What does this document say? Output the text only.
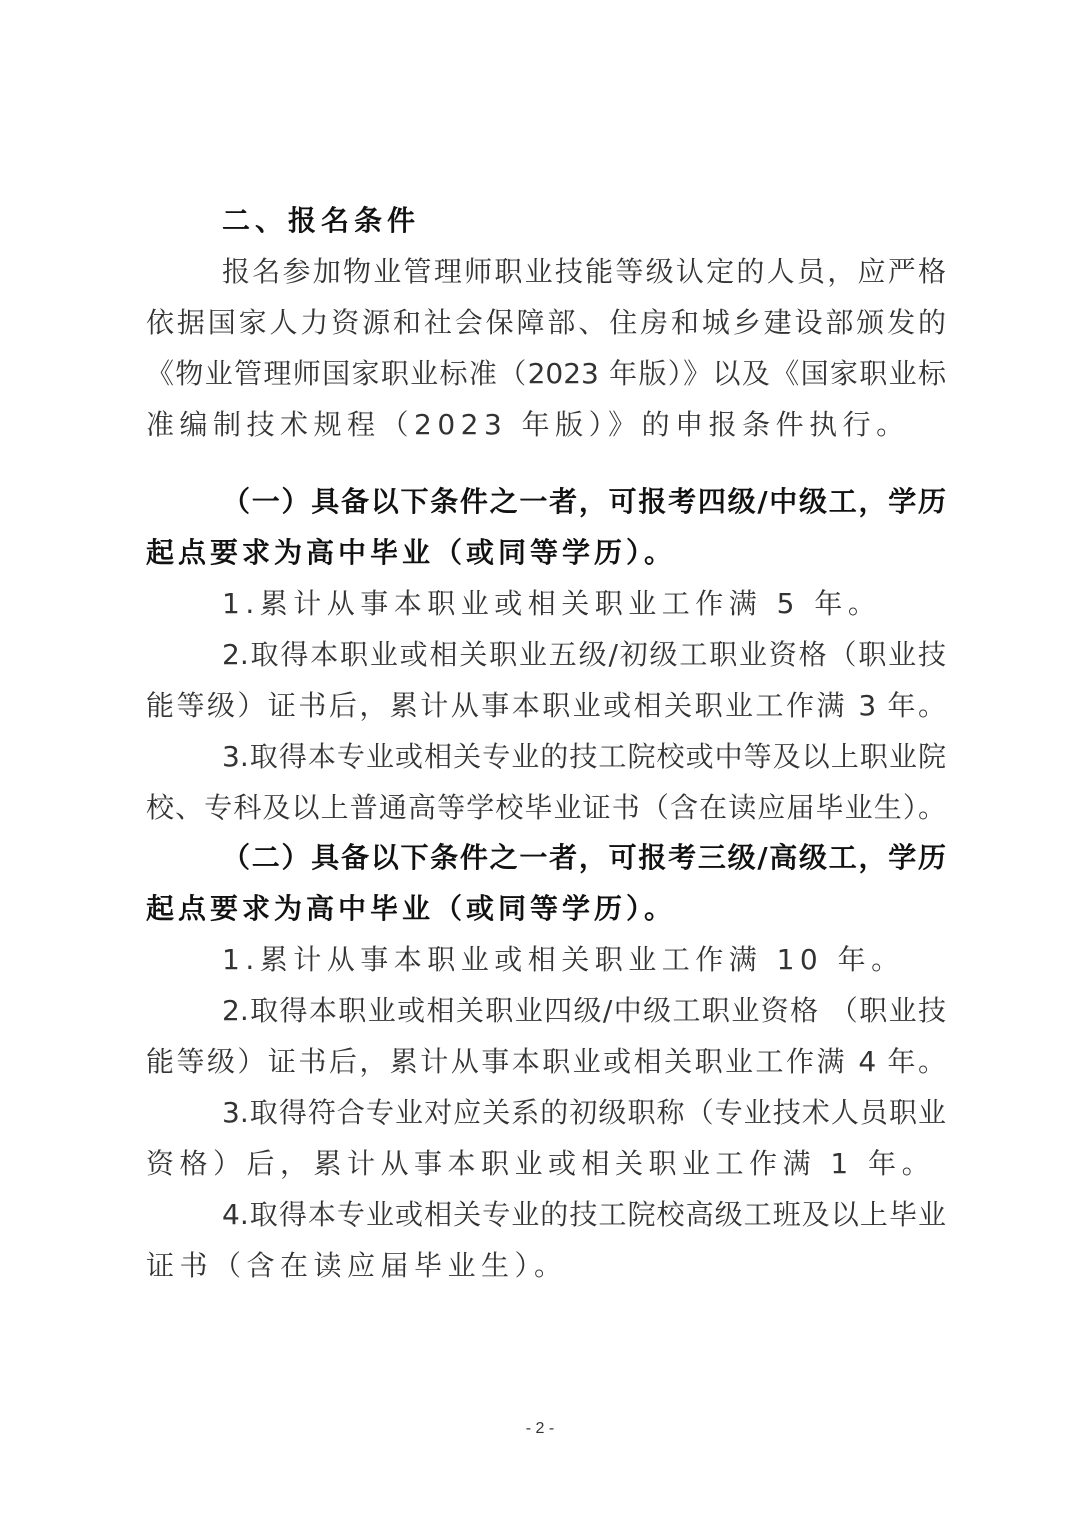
二、报名条件
报名参加物业管理师职业技能等级认定的人员，应严格
依据国家人力资源和社会保障部、住房和城乡建设部颁发的
《物业管理师国家职业标准（2023 年版）》以及《国家职业标
准编制技术规程（2023 年版）》的申报条件执行。
（一）具备以下条件之一者，可报考四级/中级工，学历
起点要求为高中毕业（或同等学历）。
1.累计从事本职业或相关职业工作满 5 年。
2.取得本职业或相关职业五级/初级工职业资格（职业技
能等级）证书后，累计从事本职业或相关职业工作满 3 年。
3.取得本专业或相关专业的技工院校或中等及以上职业院
校、专科及以上普通高等学校毕业证书（含在读应届毕业生）。
（二）具备以下条件之一者，可报考三级/高级工，学历
起点要求为高中毕业（或同等学历）。
1.累计从事本职业或相关职业工作满 10 年。
2.取得本职业或相关职业四级/中级工职业资格 （职业技
能等级）证书后，累计从事本职业或相关职业工作满 4 年。
3.取得符合专业对应关系的初级职称（专业技术人员职业
资格）后，累计从事本职业或相关职业工作满 1 年。
4.取得本专业或相关专业的技工院校高级工班及以上毕业
证书（含在读应届毕业生）。
- 2 -
